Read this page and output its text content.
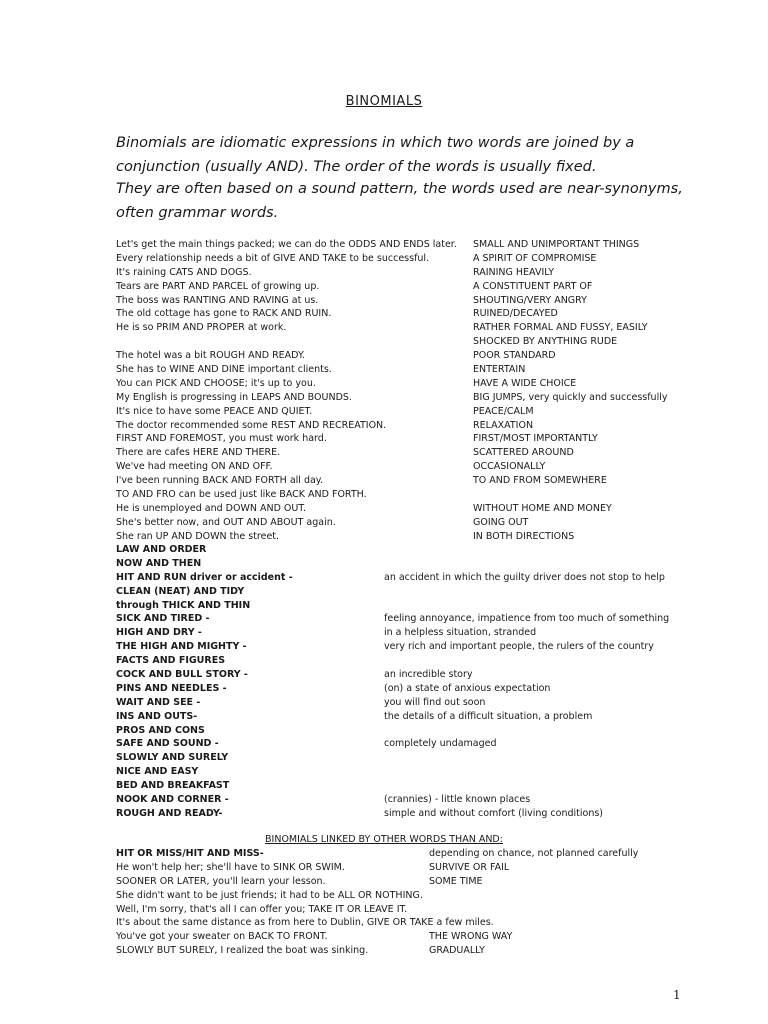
BINOMIALS
Binomials are idiomatic expressions in which two words are joined by a conjunction (usually AND). The order of the words is usually fixed.
They are often based on a sound pattern, the words used are near-synonyms, often grammar words.
Let's get the main things packed; we can do the ODDS AND ENDS later.
Every relationship needs a bit of GIVE AND TAKE to be successful.
It's raining CATS AND DOGS.
Tears are PART AND PARCEL of growing up.
The boss was RANTING AND RAVING at us.
The old cottage has gone to RACK AND RUIN.
He is so PRIM AND PROPER at work.
The hotel was a bit ROUGH AND READY.
She has to WINE AND DINE important clients.
You can PICK AND CHOOSE; it's up to you.
My English is progressing in LEAPS AND BOUNDS.
It's nice to have some PEACE AND QUIET.
The doctor recommended some REST AND RECREATION.
FIRST AND FOREMOST, you must work hard.
There are cafes HERE AND THERE.
We've had meeting ON AND OFF.
I've been running BACK AND FORTH all day.
TO AND FRO can be used just like BACK AND FORTH.
He is unemployed and DOWN AND OUT.
She's better now, and OUT AND ABOUT again.
She ran UP AND DOWN the street.
SMALL AND UNIMPORTANT THINGS
A SPIRIT OF COMPROMISE
RAINING HEAVILY
A CONSTITUENT PART OF
SHOUTING/VERY ANGRY
RUINED/DECAYED
RATHER FORMAL AND FUSSY, EASILY
SHOCKED BY ANYTHING RUDE
POOR STANDARD
ENTERTAIN
HAVE A WIDE CHOICE
BIG JUMPS, very quickly and successfully
PEACE/CALM
RELAXATION
FIRST/MOST IMPORTANTLY
SCATTERED AROUND
OCCASIONALLY
TO AND FROM SOMEWHERE
WITHOUT HOME AND MONEY
GOING OUT
IN BOTH DIRECTIONS
LAW AND ORDER
NOW AND THEN
HIT AND RUN driver or accident -
CLEAN (NEAT) AND TIDY
through THICK AND THIN
SICK AND TIRED -
HIGH AND DRY -
THE HIGH AND MIGHTY -
FACTS AND FIGURES
COCK AND BULL STORY -
PINS AND NEEDLES -
WAIT AND SEE -
INS AND OUTS-
PROS AND CONS
SAFE AND SOUND -
SLOWLY AND SURELY
NICE AND EASY
BED AND BREAKFAST
NOOK AND CORNER -
ROUGH AND READY-
an accident in which the guilty driver does not stop to help
feeling annoyance, impatience from too much of something
in a helpless situation, stranded
very rich and important people, the rulers of the country
an incredible story
(on) a state of anxious expectation
you will find out soon
the details of a difficult situation, a problem
completely undamaged
(crannies) - little known places
simple and without comfort (living conditions)
BINOMIALS LINKED BY OTHER WORDS THAN AND:
HIT OR MISS/HIT AND MISS-
He won't help her; she'll have to SINK OR SWIM.
SOONER OR LATER, you'll learn your lesson.
She didn't want to be just friends; it had to be ALL OR NOTHING.
Well, I'm sorry, that's all I can offer you; TAKE IT OR LEAVE IT.
It's about the same distance as from here to Dublin, GIVE OR TAKE a few miles.
You've got your sweater on BACK TO FRONT.
SLOWLY BUT SURELY, I realized the boat was sinking.
depending on chance, not planned carefully
SURVIVE OR FAIL
SOME TIME
THE WRONG WAY
GRADUALLY
1
